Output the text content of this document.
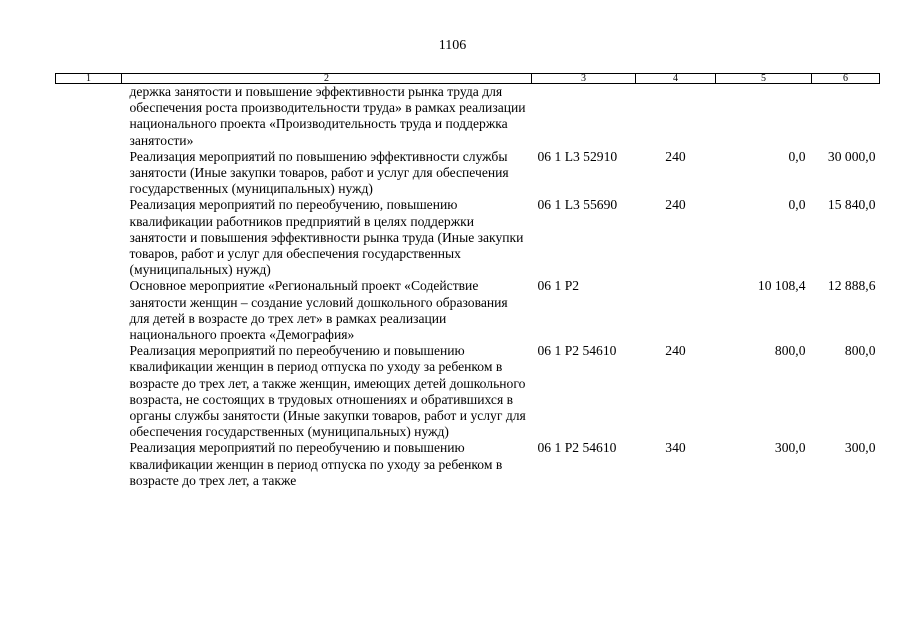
1106
1	2	3	4	5	6
держка занятости и повышение эффективности рынка труда для обеспечения роста производительности труда» в рамках реализации национального проекта «Производительность труда и поддержка занятости»					
Реализация мероприятий по повышению эффективности службы занятости (Иные закупки товаров, работ и услуг для обеспечения государственных (муниципальных) нужд)		06 1 L3 52910	240	0,0	30 000,0
Реализация мероприятий по переобучению, повышению квалификации работников предприятий в целях поддержки занятости и повышения эффективности рынка труда (Иные закупки товаров, работ и услуг для обеспечения государственных (муниципальных) нужд)		06 1 L3 55690	240	0,0	15 840,0
Основное мероприятие «Региональный проект «Содействие занятости женщин – создание условий дошкольного образования для детей в возрасте до трех лет» в рамках реализации национального проекта «Демография»		06 1 P2		10 108,4	12 888,6
Реализация мероприятий по переобучению и повышению квалификации женщин в период отпуска по уходу за ребенком в возрасте до трех лет, а также женщин, имеющих детей дошкольного возраста, не состоящих в трудовых отношениях и обратившихся в органы службы занятости (Иные закупки товаров, работ и услуг для обеспечения государственных (муниципальных) нужд)		06 1 P2 54610	240	800,0	800,0
Реализация мероприятий по переобучению и повышению квалификации женщин в период отпуска по уходу за ребенком в возрасте до трех лет, а также		06 1 P2 54610	340	300,0	300,0
